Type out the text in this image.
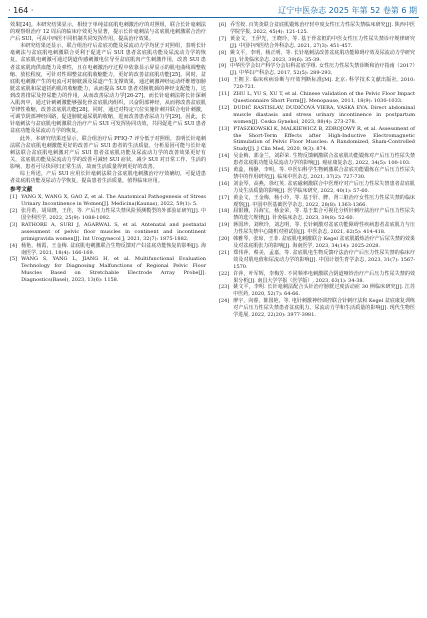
· 164 ·	辽宁中医杂志 2025 年第 52 卷第 6 期

效果[24]。本研究结果显示，相较于单纯盆底肌电刺激治疗的对照组，联合长针毫刺法的观察组治疗 12 周后的临床疗效更为显著，提示长针毫刺法与盆底肌电刺激联合治疗产后 SUI，可从中西医不同机制共同发挥作用，提高治疗效果。

本研究结果还显示，联合组治疗后盆底功能及尿流动力学均优于对照组，表明长针毫刺法与盆底肌电刺激联合更利于促进产后 SUI 患者盆底肌功能及尿流动力学的恢复。盆底肌电刺激可通过阴道传感刺激电位导至盆底肌肉产生刺激作用，改善 SUI 患者盆底肌肉供血能力及弹性，且在电刺激治疗过程中依靠显示屏显示的肌电曲线调整收缩、放松程度，可针对性调整盆底肌收缩能力，更好的改善盆底肌功能[25]。同时，盆底肌电刺激产生的电流可对膀胱颈及尿道产生支撑效果，通过刺激神经运动纤维增加膀胱盆底肌和尿道括约肌的收缩能力，从而提高 SUI 患者对膀胱颈的神经支配能力，达到改善排尿及控尿能力的作用，从而改善尿动力学[26-27]。而长针毫刺法将长针深刺入肌肉中，通过针刺刺激能够强化骨盆底肌肉组织，兴奋阴部神经，从而将改善盆底肌节律性收缩，改善盆底肌功能[28]。同时，通过对特定穴位实施针刺并联合电针刺激，可调节阴部神经回路，促进膀胱逼尿肌的收缩，进而改善患者尿动力学[29]。因此，长针毫刺法与盆底肌电刺激联合治疗产后 SUI 可发挥协同功效，共同促进产后 SUI 患者盆底功能及尿流动力学的恢复。

此外，本研究结果还显示，联合组治疗后 PFIQ-7 评分低于对照组，表明长针毫刺法联合盆底肌电刺激能更好的改善产后 SUI 患者的生活质量。分析原因可能与长针毫刺法联合盆底肌电刺激对产后 SUI 患者盆底肌功能及尿流动力学的改善效果更好有关，盆底肌功能及尿流动力学的改善可减轻 SUI 症状，减少 SUI 对日常工作、生活的影响，患者可尽快回归正常生活，故而生活质量得到更好的改善。

综上所述，产后 SUI 应用长针毫刺法联合盆底肌电刺激治疗疗效确切，可促进患者盆底肌功能及尿动力学恢复，提高患者生活质量，值得临床应用。

参考文献
[1] YANG X, WANG X, GAO Z, et al. The Anatomical Pathogenesis of Stress Urinary Incontinence in Women[J]. Medicina(Kaunas), 2022, 59(1): 5.
[2] 张丹希，胡凤晓，王佳，等. 产后压力性尿失禁风险预测模型的外部验证研究[J]. 中国全科医学, 2022, 25(9): 1088-1092.
[3] RATHORE A, SURI J, AGARWAL S, et al. Antenatal and postnatal assessment of pelvic floor muscles in continent and incontinent primigravida women[J]. Int Urogynecol J, 2021, 32(7): 1875-1882.
[4] 杨艳，杨霞，王金梅. 盆底肌电刺激联合生物反馈对产妇盆底功能恢复的影响[J]. 海南医学, 2021, 18(4): 166-169.
[5] WANG S, YANG L, JIANG H, et al. Multifunctional Evaluation Technology for Diagnosing Malfunctions of Regional Pelvic Floor Muscles Based on Stretchable Electrode Array Probe[J]. Diagnostics(Basel), 2023, 13(6): 1158.
[6] 乔雪姣. 百笑灸联合盆底肌锻炼治疗轻中度女性压力性尿失禁临床研究[J]. 陕西中医学院学报, 2022, 45(4): 121-125.
[7] 黄金文，王伊光，王晓玲，等. 基于骨盆框的中医女性压力性尿失禁诊疗规律研究[J]. 中国中西医结合外科杂志, 2021, 27(3): 451-457.
[8] 姚文平，李明，杨正明，等. 长针毫刺法改善盆底肌功能障碍疗效及尿流动力学研究[J]. 针灸临床杂志, 2023, 39(6): 35-39.
[9] 中华医学会妇产科学分会妇科盆底学组. 女性压力性尿失禁诊断和治疗指南（2017）[J]. 中华妇产科杂志, 2017, 52(5): 289-293.
[10] 王拥卫. 临床疾病诊断与疗效判断标准[M]. 北京: 科学技术文献出版社, 2010: 720-721.
[11] ZHU L, YU S, XU T, et al. Chinese validation of the Pelvic Floor Impact Questionnaire Short Form[J]. Menopause, 2011, 18(9): 1030-1033.
[12] DUDIĆ RASTISLAV, DUDIČOVÁ VIERA, VASKÁ EVA. Direct abdominal muscle diastasis and stress urinary incontinence in postpartum women[J]. Ceska Gynekol, 2023, 88(4): 273-278.
[13] PTASZKOWSKI K, MALKIEWICZ B, ZDROJOWY R, et al. Assessment of the Short-Term Effects after High-Inductive Electromagnetic Stimulation of Pelvic Floor Muscles: A Randomized, Sham-Controlled Study[J]. J Clin Med, 2020, 9(3): 874.
[14] 吴金梅，郭金兰，刘彩荣. 生物反馈刺激联合盆底肌功能锻炼对产后压力性尿失禁患者盆底肌功能及尿流动力学的影响[J]. 癌症康复杂志, 2022, 34(5): 100-103.
[15] 黄蕊，杨静，李明，等. 中医妇科学生物刺激联合盆底功能锻炼在产后压力性尿失禁中的作用研究[J]. 临床中医杂志, 2021, 37(2): 727-730.
[16] 刘金琴，高燕，徐红英. 盆底磁刺激联合中医理疗对产后压力性尿失禁患者盆底肌力及生活质量的影响[J]. 医学临床研究, 2022, 40(1): 57-60.
[17] 黄金文，王金梅，杨小玲，等. 基于肝、脾、肾三脏治疗女性压力性尿失禁的临床观察[J]. 中国中医基础医学杂志, 2022, 28(8): 1363-1366.
[18] 屈银娥，冯海宝，杨金荣，等. 基于集合可视化分析针刺疗法治疗产后压力性尿失禁的选穴规律[J]. 针灸临床杂志, 2023, 39(8): 52-60.
[19] 蒋国珍，刘秋玲，刘志明，等. 长针刺激对盆底功能障碍性疾病患者盆底肌力与压力性尿失禁中心随机对照试验[J]. 中医杂志, 2021, 62(5): 414-418.
[20] 韩雅琴，张琼，王菲. 盆底肌电刺激联合 Kegel 盆底肌锻炼治疗产后尿失禁的效果及对盆底肌张力的影响[J]. 海南医学, 2023, 34(14): 2025-2028.
[21] 郑伟萍，蔡美，孟嘉，等. 盆底肌电生物反馈疗法治疗产后压力性尿失禁的临床疗效及对肌电值和尿流动力学的影响[J]. 中国计划生育学杂志, 2023, 31(7): 1567-1570.
[22] 许萍，叶军辉，李梅芳. 不同频率电刺激联合阴道哑铃治疗产后压力性尿失禁的效果分析[J]. 南昌大学学报（医学版）, 2023, 63(1): 34-38.
[23] 姚文平，李明. 长针毫刺法配合头针治疗膀胱过度活动症 30 例临床研究[J]. 江苏中医药, 2020, 52(7): 64-66.
[24] 廖宇，向睿，陈国艳，等. 电针刺激神经调控联合针刺疗法和 Kegel 盆底康复训练对产后压力性尿失禁患者盆底肌力、尿流动力学和生活质量的影响[J]. 现代生物医学进展, 2022, 22(20): 3977-3981.
